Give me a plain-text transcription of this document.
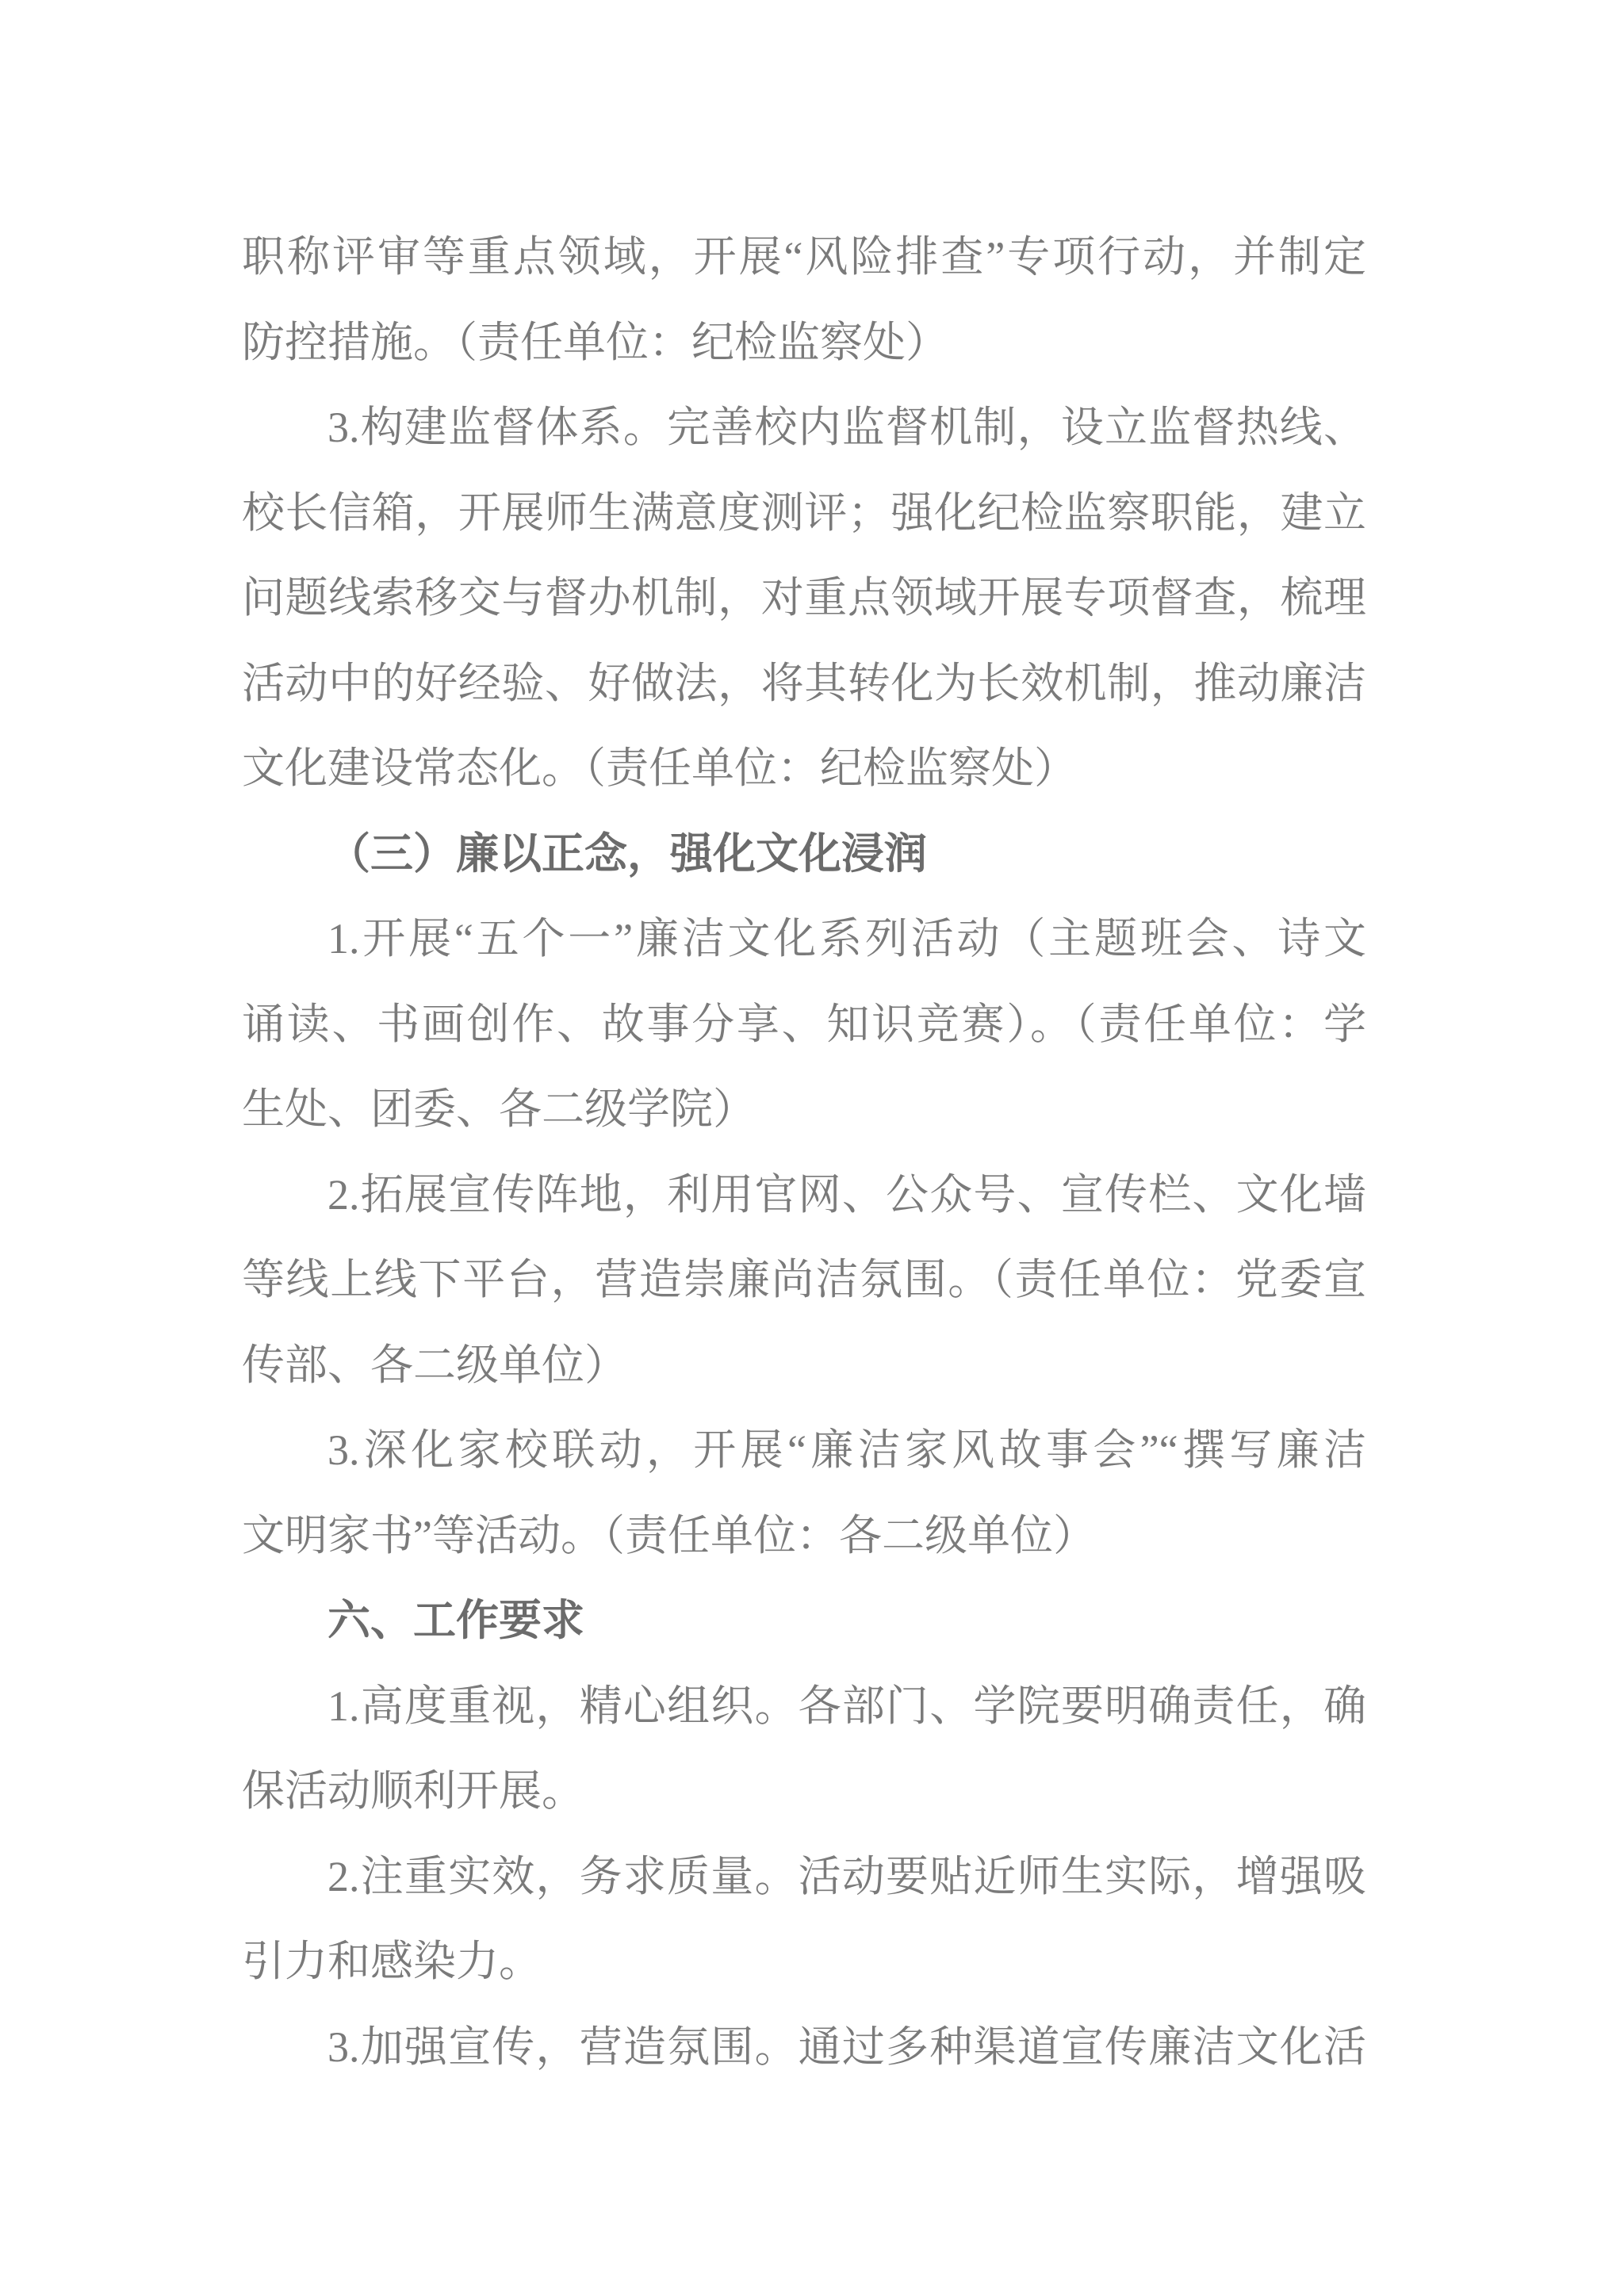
职称评审等重点领域，开展“风险排查”专项行动，并制定
防控措施。（责任单位：纪检监察处）
3.构建监督体系。完善校内监督机制，设立监督热线、
校长信箱，开展师生满意度测评；强化纪检监察职能，建立
问题线索移交与督办机制，对重点领域开展专项督查，梳理
活动中的好经验、好做法，将其转化为长效机制，推动廉洁
文化建设常态化。（责任单位：纪检监察处）
（三）廉以正念，强化文化浸润
1.开展“五个一”廉洁文化系列活动（主题班会、诗文
诵读、书画创作、故事分享、知识竞赛）。（责任单位：学
生处、团委、各二级学院）
2.拓展宣传阵地，利用官网、公众号、宣传栏、文化墙
等线上线下平台，营造崇廉尚洁氛围。（责任单位：党委宣
传部、各二级单位）
3.深化家校联动，开展“廉洁家风故事会”“撰写廉洁
文明家书”等活动。（责任单位：各二级单位）
六、工作要求
1.高度重视，精心组织。各部门、学院要明确责任，确
保活动顺利开展。
2.注重实效，务求质量。活动要贴近师生实际，增强吸
引力和感染力。
3.加强宣传，营造氛围。通过多种渠道宣传廉洁文化活
